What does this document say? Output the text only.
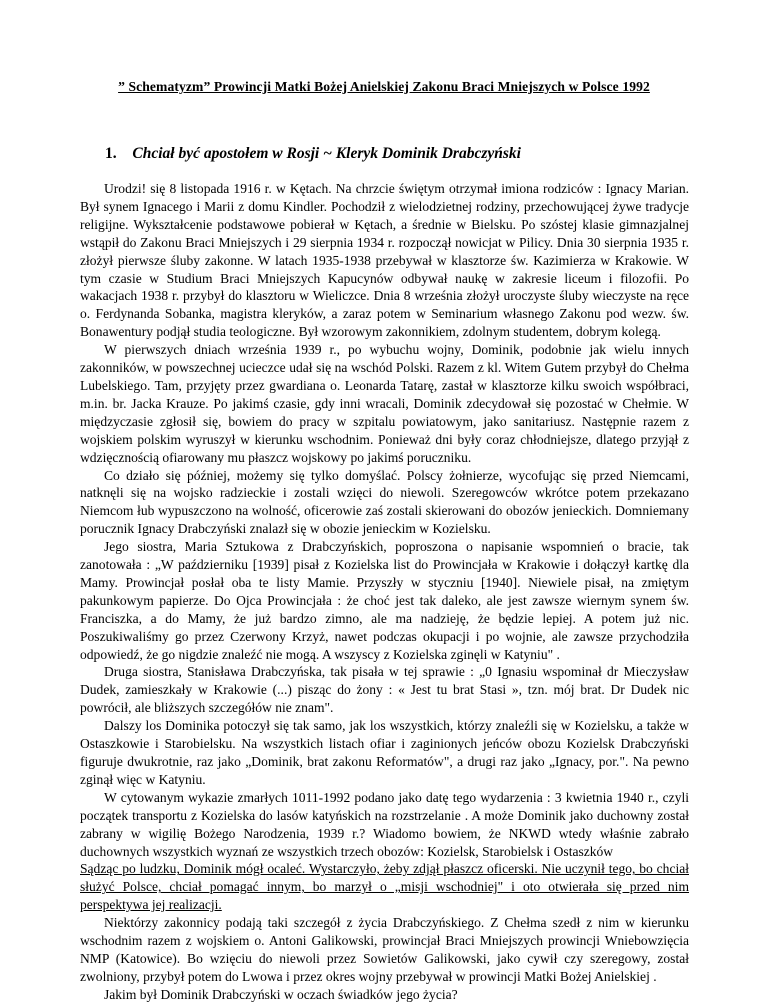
” Schematyzm” Prowincji Matki Bożej Anielskiej Zakonu Braci Mniejszych w Polsce 1992
1. Chciał być apostołem w Rosji ~ Kleryk Dominik Drabczyński

Urodzi! się 8 listopada 1916 r. w Kętach. Na chrzcie świętym otrzymał imiona rodziców : Ignacy Marian. Był synem Ignacego i Marii z domu Kindler. Pochodził z wielodzietnej rodziny, przechowującej żywe tradycje religijne. Wykształcenie podstawowe pobierał w Kętach, a średnie w Bielsku. Po szóstej klasie gimnazjalnej wstąpił do Zakonu Braci Mniejszych i 29 sierpnia 1934 r. rozpoczął nowicjat w Pilicy. Dnia 30 sierpnia 1935 r. złożył pierwsze śluby zakonne. W latach 1935-1938 przebywał w klasztorze św. Kazimierza w Krakowie. W tym czasie w Studium Braci Mniejszych Kapucynów odbywał naukę w zakresie liceum i filozofii. Po wakacjach 1938 r. przybył do klasztoru w Wieliczce. Dnia 8 września złożył uroczyste śluby wieczyste na ręce o. Ferdynanda Sobanka, magistra kleryków, a zaraz potem w Seminarium własnego Zakonu pod wezw. św. Bonawentury podjął studia teologiczne. Był wzorowym zakonnikiem, zdolnym studentem, dobrym kolegą.

W pierwszych dniach września 1939 r., po wybuchu wojny, Dominik, podobnie jak wielu innych zakonników, w powszechnej ucieczce udał się na wschód Polski. Razem z kl. Witem Gutem przybył do Chełma Lubelskiego. Tam, przyjęty przez gwardiana o. Leonarda Tatarę, zastał w klasztorze kilku swoich współbraci, m.in. br. Jacka Krauze. Po jakimś czasie, gdy inni wracali, Dominik zdecydował się pozostać w Chełmie. W międzyczasie zgłosił się, bowiem do pracy w szpitalu powiatowym, jako sanitariusz. Następnie razem z wojskiem polskim wyruszył w kierunku wschodnim. Ponieważ dni były coraz chłodniejsze, dlatego przyjął z wdzięcznością ofiarowany mu płaszcz wojskowy po jakimś poruczniku.

Co działo się później, możemy się tylko domyślać. Polscy żołnierze, wycofując się przed Niemcami, natknęli się na wojsko radzieckie i zostali wzięci do niewoli. Szeregowców wkrótce potem przekazano Niemcom łub wypuszczono na wolność, oficerowie zaś zostali skierowani do obozów jenieckich. Domniemany porucznik Ignacy Drabczyński znalazł się w obozie jenieckim w Kozielsku.

Jego siostra, Maria Sztukowa z Drabczyńskich, poproszona o napisanie wspomnień o bracie, tak zanotowała : „W październiku [1939] pisał z Kozielska list do Prowincjała w Krakowie i dołączył kartkę dla Mamy. Prowincjał posłał oba te listy Mamie. Przyszły w styczniu [1940]. Niewiele pisał, na zmiętym pakunkowym papierze. Do Ojca Prowincjała : że choć jest tak daleko, ale jest zawsze wiernym synem św. Franciszka, a do Mamy, że już bardzo zimno, ale ma nadzieję, że będzie lepiej. A potem już nic. Poszukiwaliśmy go przez Czerwony Krzyż, nawet podczas okupacji i po wojnie, ale zawsze przychodziła odpowiedź, że go nigdzie znaleźć nie mogą. A wszyscy z Kozielska zginęli w Katyniu" .

Druga siostra, Stanisława Drabczyńska, tak pisała w tej sprawie : „0 Ignasiu wspominał dr Mieczysław Dudek, zamieszkały w Krakowie (...) pisząc do żony : « Jest tu brat Stasi », tzn. mój brat. Dr Dudek nic powrócił, ale bliższych szczegółów nie znam".

Dalszy los Dominika potoczył się tak samo, jak los wszystkich, którzy znaleźli się w Kozielsku, a także w Ostaszkowie i Starobielsku. Na wszystkich listach ofiar i zaginionych jeńców obozu Kozielsk Drabczyński figuruje dwukrotnie, raz jako „Dominik, brat zakonu Reformatów", a drugi raz jako „Ignacy, por.". Na pewno zginął więc w Katyniu.

W cytowanym wykazie zmarłych 1011-1992 podano jako datę tego wydarzenia : 3 kwietnia 1940 r., czyli początek transportu z Kozielska do lasów katyńskich na rozstrzelanie . A może Dominik jako duchowny został zabrany w wigilię Bożego Narodzenia, 1939 r.? Wiadomo bowiem, że NKWD wtedy właśnie zabrało duchownych wszystkich wyznań ze wszystkich trzech obozów: Kozielsk, Starobielsk i Ostaszków

Sądząc po ludzku, Dominik mógł ocaleć. Wystarczyło, żeby zdjął płaszcz oficerski. Nie uczynił tego, bo chciał służyć Polsce, chciał pomagać innym, bo marzył o „misji wschodniej" i oto otwierała się przed nim perspektywa jej realizacji.

Niektórzy zakonnicy podają taki szczegół z życia Drabczyńskiego. Z Chełma szedł z nim w kierunku wschodnim razem z wojskiem o. Antoni Galikowski, prowincjał Braci Mniejszych prowincji Wniebowzięcia NMP (Katowice). Bo wzięciu do niewoli przez Sowietów Galikowski, jako cywił czy szeregowy, został zwolniony, przybył potem do Lwowa i przez okres wojny przebywał w prowincji Matki Bożej Anielskiej .

Jakim był Dominik Drabczyński w oczach świadków jego życia?
